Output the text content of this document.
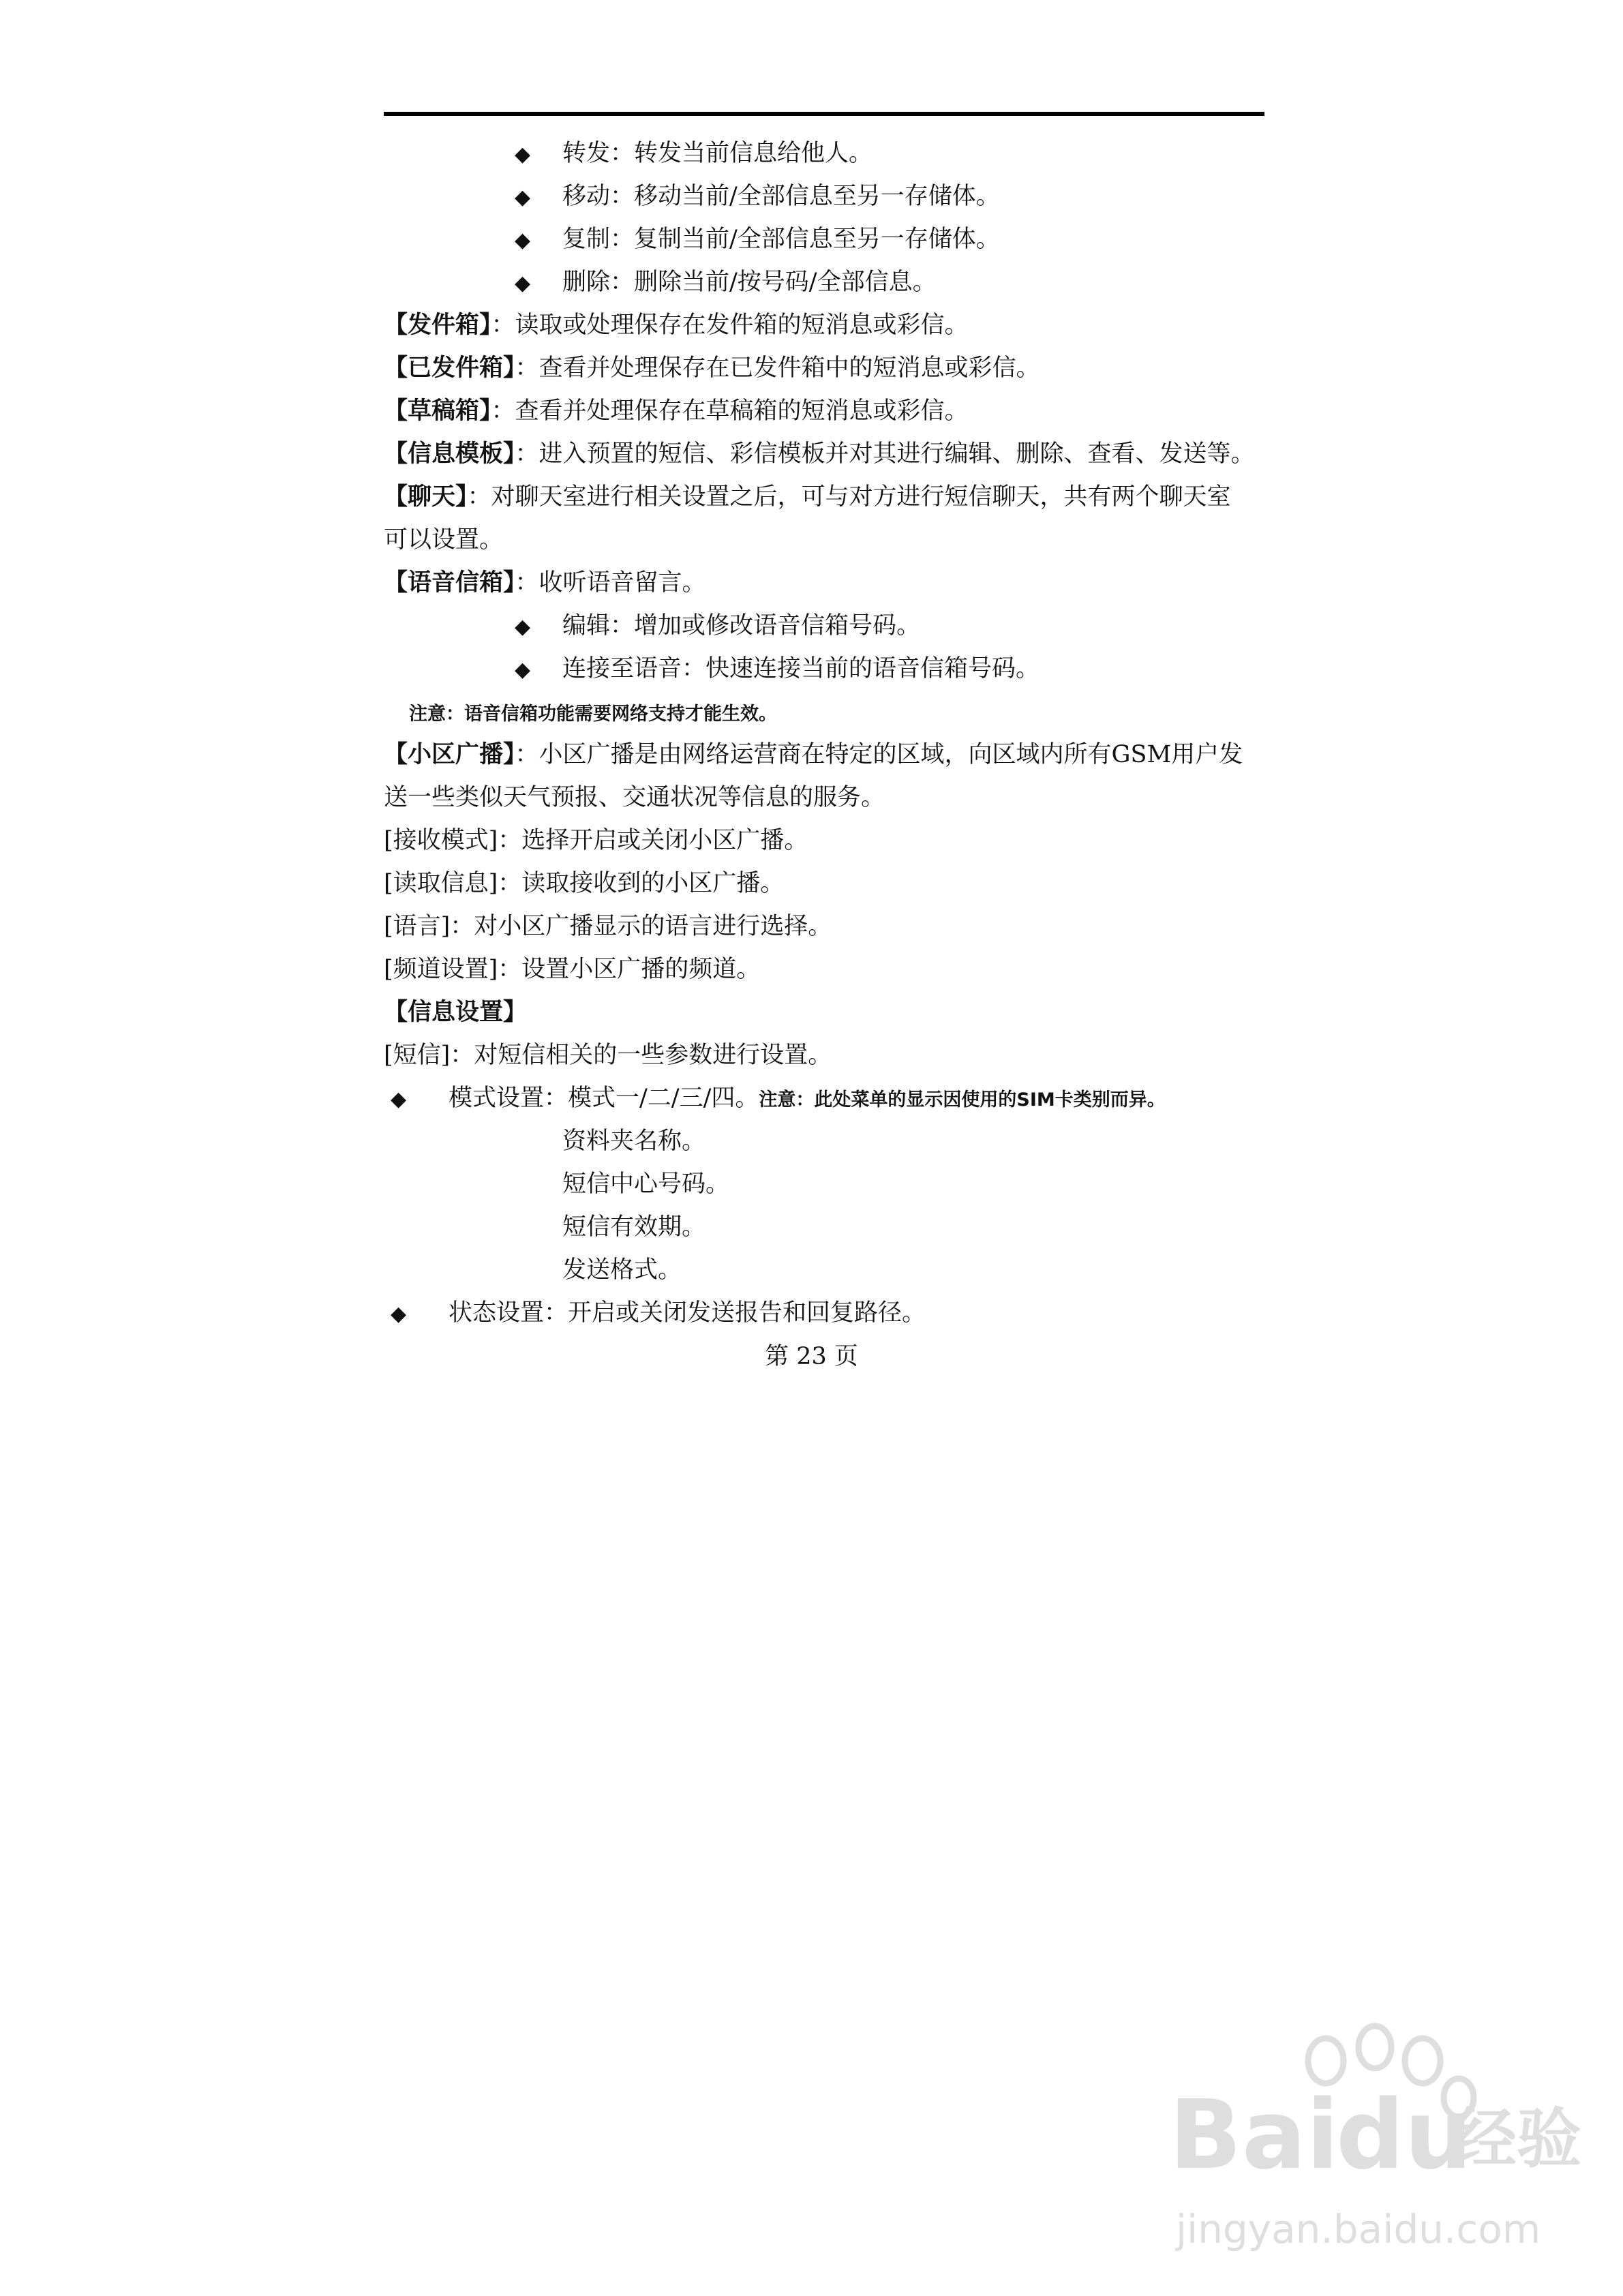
◆ 转发：转发当前信息给他人。
◆ 移动：移动当前/全部信息至另一存储体。
◆ 复制：复制当前/全部信息至另一存储体。
◆ 删除：删除当前/按号码/全部信息。
【发件箱】：读取或处理保存在发件箱的短消息或彩信。
【已发件箱】：查看并处理保存在已发件箱中的短消息或彩信。
【草稿箱】：查看并处理保存在草稿箱的短消息或彩信。
【信息模板】：进入预置的短信、彩信模板并对其进行编辑、删除、查看、发送等。
【聊天】：对聊天室进行相关设置之后，可与对方进行短信聊天，共有两个聊天室
可以设置。
【语音信箱】：收听语音留言。
◆ 编辑：增加或修改语音信箱号码。
◆ 连接至语音：快速连接当前的语音信箱号码。
注意：语音信箱功能需要网络支持才能生效。
【小区广播】：小区广播是由网络运营商在特定的区域，向区域内所有GSM用户发
送一些类似天气预报、交通状况等信息的服务。
[接收模式]：选择开启或关闭小区广播。
[读取信息]：读取接收到的小区广播。
[语言]：对小区广播显示的语言进行选择。
[频道设置]：设置小区广播的频道。
【信息设置】
[短信]：对短信相关的一些参数进行设置。
◆ 模式设置：模式一/二/三/四。注意：此处菜单的显示因使用的SIM卡类别而异。
资料夹名称。
短信中心号码。
短信有效期。
发送格式。
◆ 状态设置：开启或关闭发送报告和回复路径。
第 23 页
Bai
du
经验
jingyan.baidu.com
